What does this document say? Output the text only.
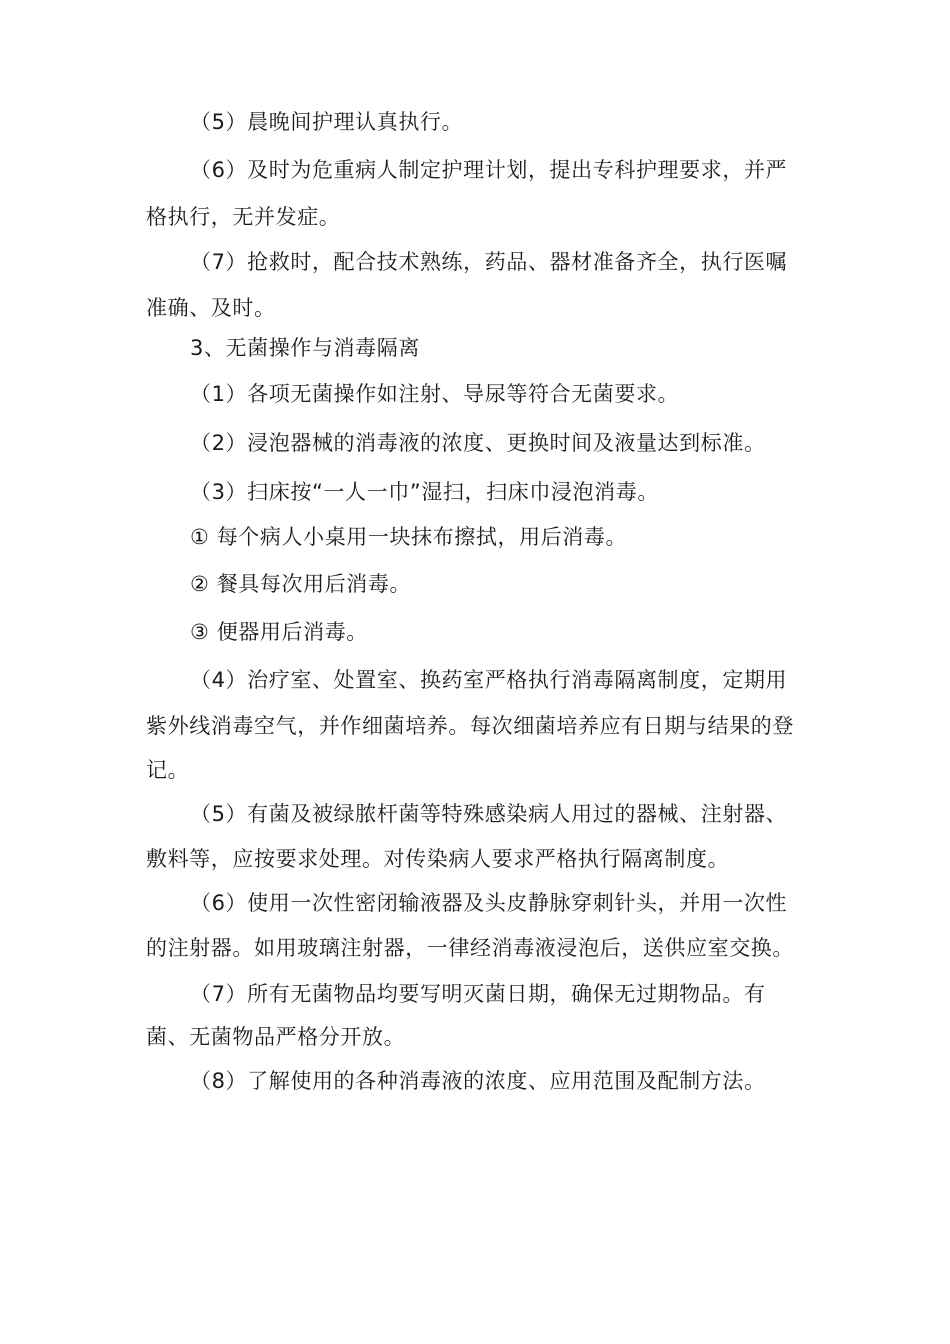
（5）晨晚间护理认真执行。
（6）及时为危重病人制定护理计划，提出专科护理要求，并严
格执行，无并发症。
（7）抢救时，配合技术熟练，药品、器材准备齐全，执行医嘱
准确、及时。
3、无菌操作与消毒隔离
（1）各项无菌操作如注射、导尿等符合无菌要求。
（2）浸泡器械的消毒液的浓度、更换时间及液量达到标准。
（3）扫床按“一人一巾”湿扫，扫床巾浸泡消毒。
① 每个病人小桌用一块抹布擦拭，用后消毒。
② 餐具每次用后消毒。
③ 便器用后消毒。
（4）治疗室、处置室、换药室严格执行消毒隔离制度，定期用
紫外线消毒空气，并作细菌培养。每次细菌培养应有日期与结果的登
记。
（5）有菌及被绿脓杆菌等特殊感染病人用过的器械、注射器、
敷料等，应按要求处理。对传染病人要求严格执行隔离制度。
（6）使用一次性密闭输液器及头皮静脉穿刺针头，并用一次性
的注射器。如用玻璃注射器，一律经消毒液浸泡后，送供应室交换。
（7）所有无菌物品均要写明灭菌日期，确保无过期物品。有
菌、无菌物品严格分开放。
（8）了解使用的各种消毒液的浓度、应用范围及配制方法。
